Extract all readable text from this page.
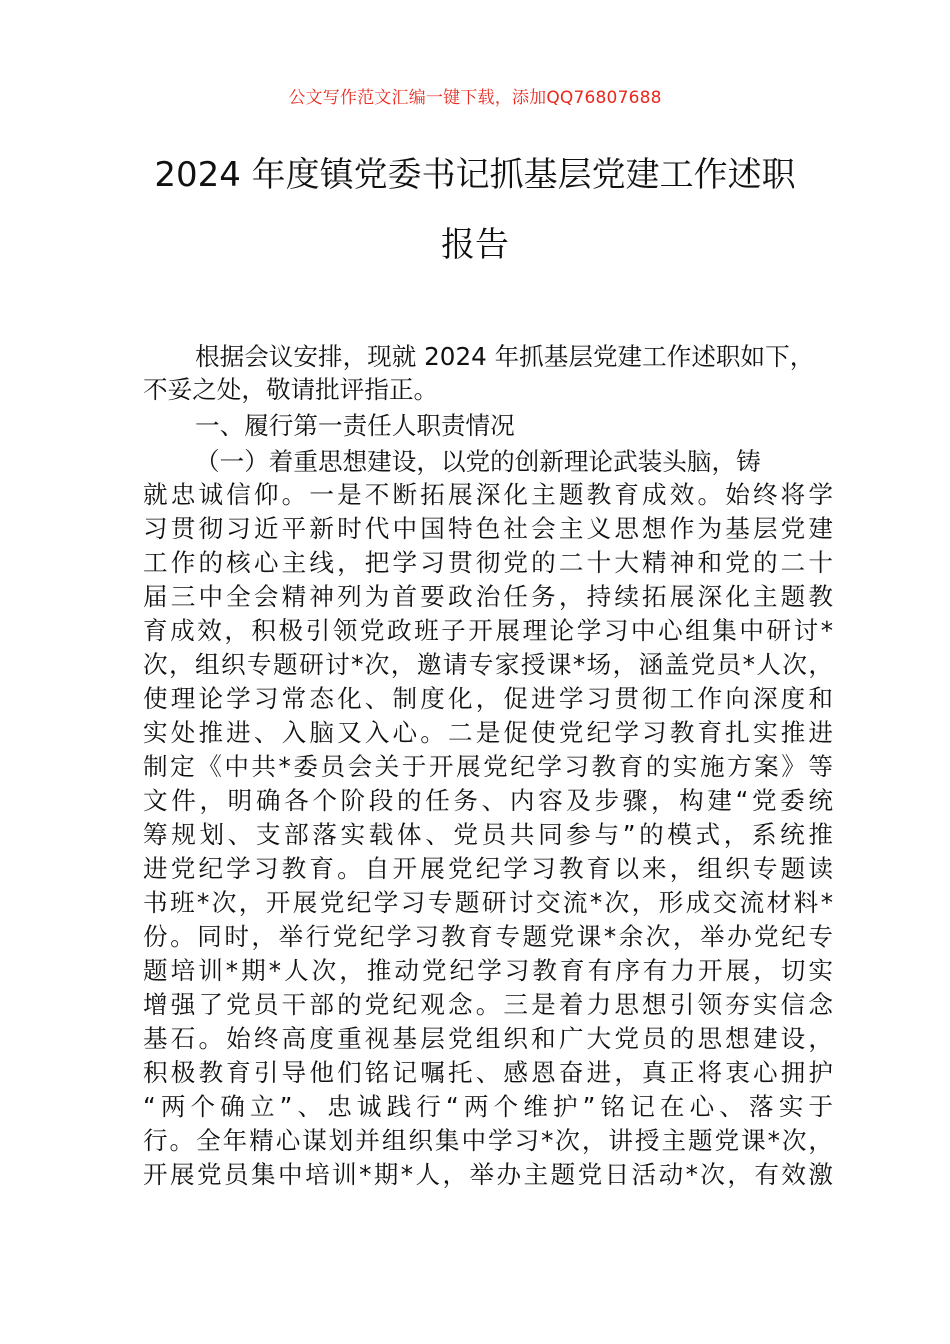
公文写作范文汇编一键下载，添加QQ76807688
2024 年度镇党委书记抓基层党建工作述职
报告
根据会议安排，现就 2024 年抓基层党建工作述职如下，
不妥之处，敬请批评指正。
一、履行第一责任人职责情况
（一）着重思想建设，以党的创新理论武装头脑，铸
就忠诚信仰。一是不断拓展深化主题教育成效。始终将学
习贯彻习近平新时代中国特色社会主义思想作为基层党建
工作的核心主线，把学习贯彻党的二十大精神和党的二十
届三中全会精神列为首要政治任务，持续拓展深化主题教
育成效，积极引领党政班子开展理论学习中心组集中研讨*
次，组织专题研讨*次，邀请专家授课*场，涵盖党员*人次，
使理论学习常态化、制度化，促进学习贯彻工作向深度和
实处推进、入脑又入心。二是促使党纪学习教育扎实推进
制定《中共*委员会关于开展党纪学习教育的实施方案》等
文件，明确各个阶段的任务、内容及步骤，构建“党委统
筹规划、支部落实载体、党员共同参与”的模式，系统推
进党纪学习教育。自开展党纪学习教育以来，组织专题读
书班*次，开展党纪学习专题研讨交流*次，形成交流材料*
份。同时，举行党纪学习教育专题党课*余次，举办党纪专
题培训*期*人次，推动党纪学习教育有序有力开展，切实
增强了党员干部的党纪观念。三是着力思想引领夯实信念
基石。始终高度重视基层党组织和广大党员的思想建设，
积极教育引导他们铭记嘱托、感恩奋进，真正将衷心拥护
“两个确立”、忠诚践行“两个维护”铭记在心、落实于
行。全年精心谋划并组织集中学习*次，讲授主题党课*次，
开展党员集中培训*期*人，举办主题党日活动*次，有效激
